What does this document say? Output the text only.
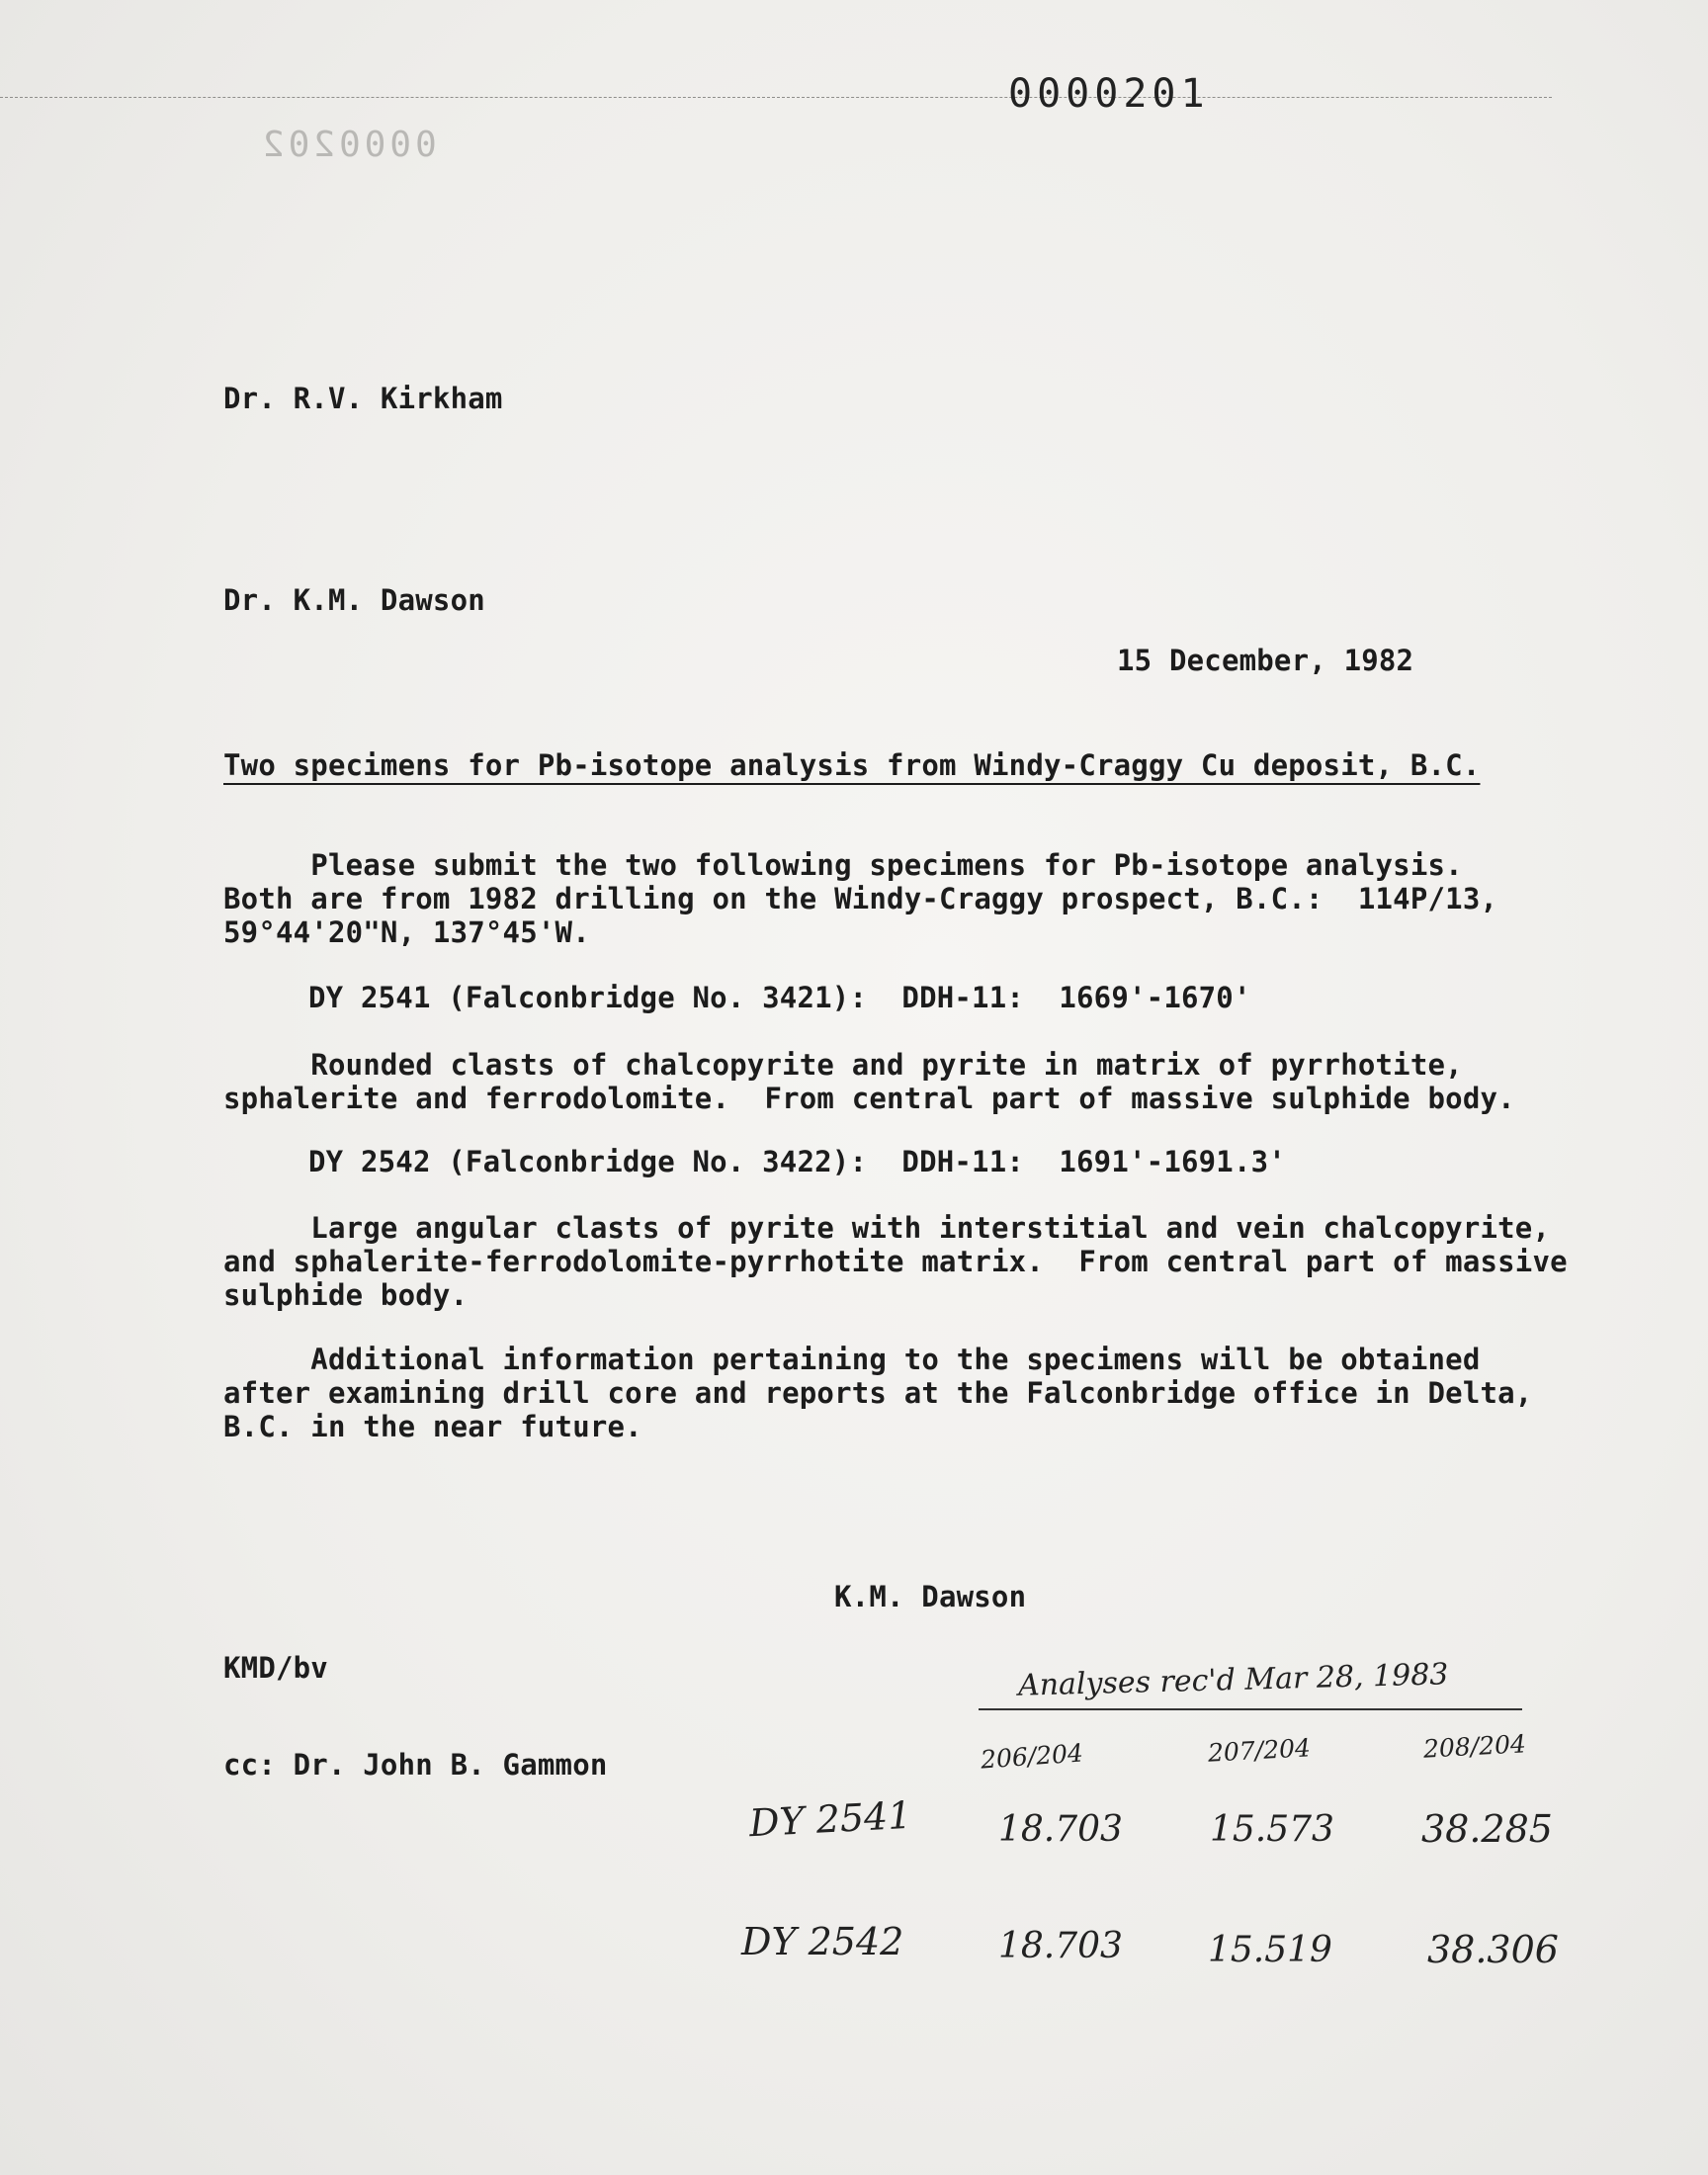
0000201
0000202
Dr. R.V. Kirkham
Dr. K.M. Dawson
15 December, 1982
Two specimens for Pb-isotope analysis from Windy-Craggy Cu deposit, B.C.
Please submit the two following specimens for Pb-isotope analysis.
Both are from 1982 drilling on the Windy-Craggy prospect, B.C.:  114P/13,
59°44'20"N, 137°45'W.
DY 2541 (Falconbridge No. 3421):  DDH-11:  1669'-1670'
Rounded clasts of chalcopyrite and pyrite in matrix of pyrrhotite,
sphalerite and ferrodolomite.  From central part of massive sulphide body.
DY 2542 (Falconbridge No. 3422):  DDH-11:  1691'-1691.3'
Large angular clasts of pyrite with interstitial and vein chalcopyrite,
and sphalerite-ferrodolomite-pyrrhotite matrix.  From central part of massive
sulphide body.
Additional information pertaining to the specimens will be obtained
after examining drill core and reports at the Falconbridge office in Delta,
B.C. in the near future.
K.M. Dawson
KMD/bv
cc: Dr. John B. Gammon
Analyses rec'd Mar 28, 1983
206/204	207/204	208/204
DY 2541 18.703 15.573 38.285
DY 2542	18.703 15.519	38.306
